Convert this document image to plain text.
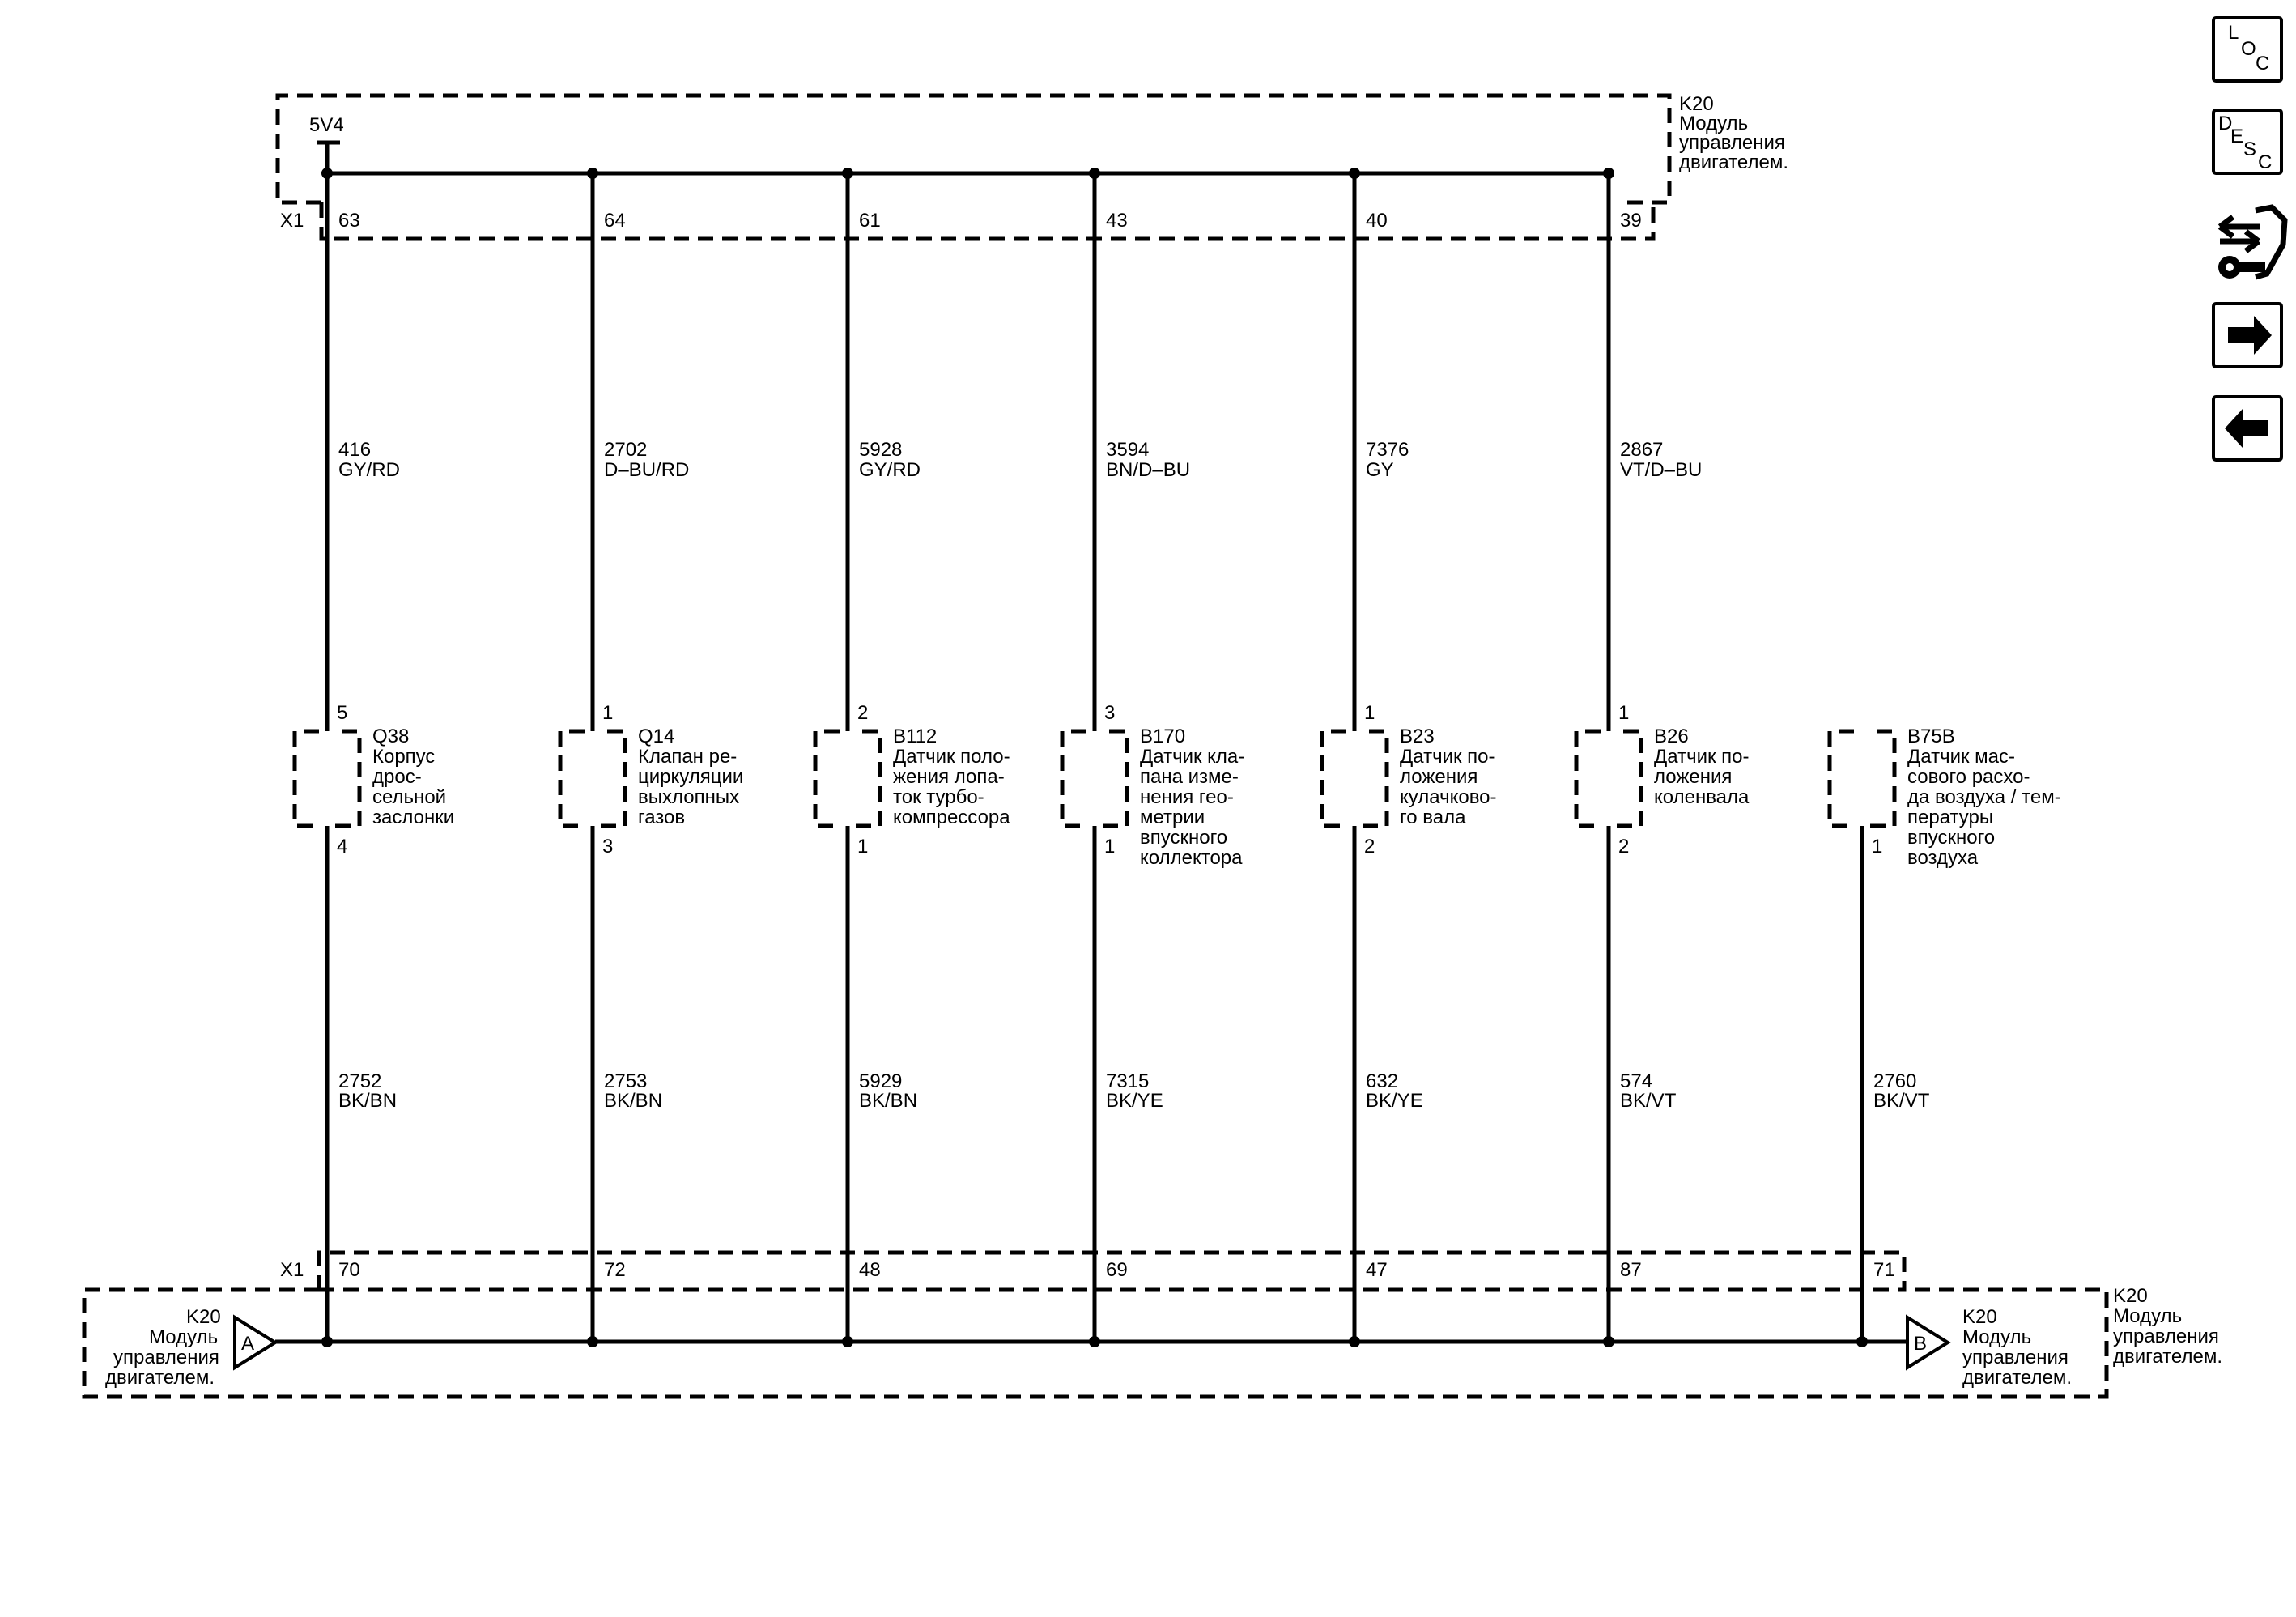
K20
Модуль
управления
двигателем.
5V4
X1
X1
K20
Модуль
управления
двигателем.
K20
Модуль
управления
двигателем.
K20
Модуль
управления
двигателем.
A	B
63
416
GY/RD
5
Q38
Корпус
дрос-
сельной
заслонки
4
2752
BK/BN
70
64
2702
D–BU/RD
1
Q14
Клапан ре-
циркуляции
выхлопных
газов
3
2753
BK/BN
72
61
5928
GY/RD
2
B112
Датчик поло-
жения лопа-
ток турбо-
компрессора
1
5929
BK/BN
48
43
3594
BN/D–BU
3
B170
Датчик кла-
пана изме-
нения гео-
метрии
впускного
коллектора
1
7315
BK/YE
69
40
7376
GY
1
B23
Датчик по-
ложения
кулачково-
го вала
2
632
BK/YE
47
39
2867
VT/D–BU
1
B26
Датчик по-
ложения
коленвала
2
574
BK/VT
87
B75B
Датчик мас-
сового расхо-
да воздуха / тем-
пературы
впускного
воздуха
1
2760
BK/VT
71
L
O
C
D
E
S
C
